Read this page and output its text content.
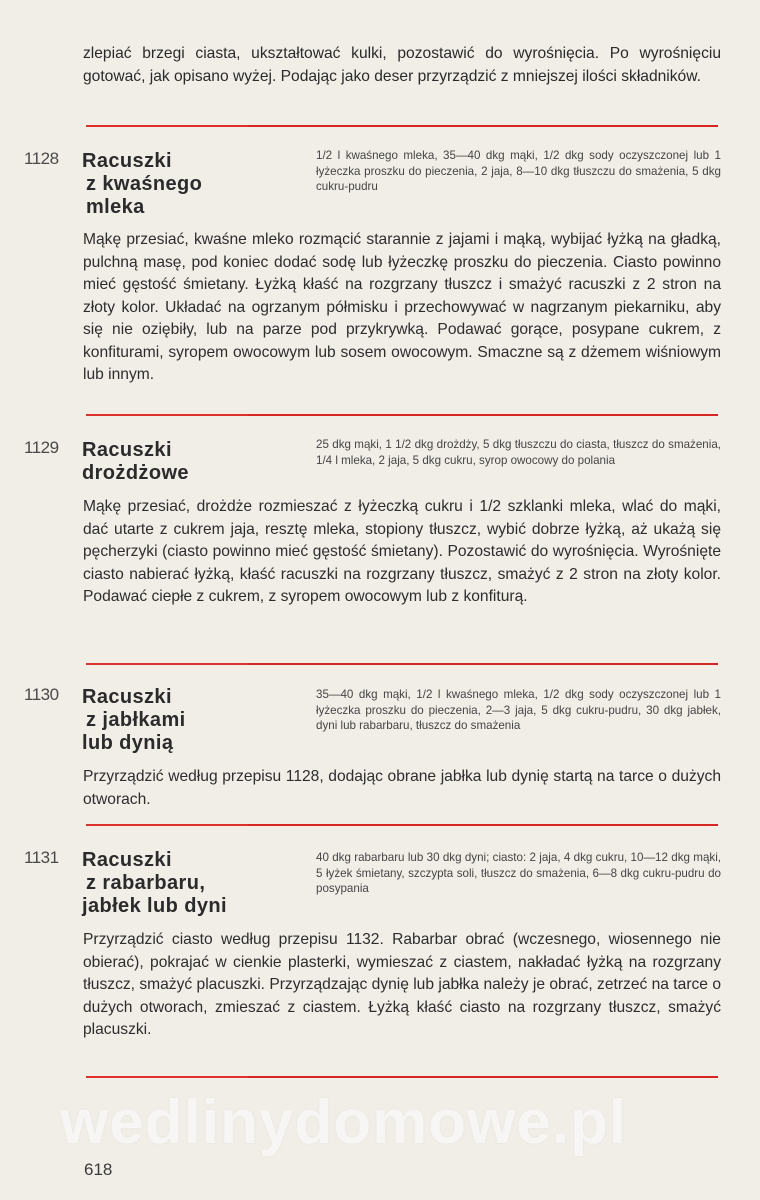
zlepiać brzegi ciasta, ukształtować kulki, pozostawić do wyrośnięcia. Po wyrośnięciu gotować, jak opisano wyżej. Podając jako deser przyrządzić z mniejszej ilości składników.
1128 Racuszki
z kwaśnego
mleka
1/2 l kwaśnego mleka, 35—40 dkg mąki, 1/2 dkg sody oczyszczonej lub 1 łyżeczka proszku do pieczenia, 2 jaja, 8—10 dkg tłuszczu do smażenia, 5 dkg cukru-pudru
Mąkę przesiać, kwaśne mleko rozmącić starannie z jajami i mąką, wybijać łyżką na gładką, pulchną masę, pod koniec dodać sodę lub łyżeczkę proszku do pieczenia. Ciasto powinno mieć gęstość śmietany. Łyżką kłaść na rozgrzany tłuszcz i smażyć racuszki z 2 stron na złoty kolor. Układać na ogrzanym półmisku i przechowywać w nagrzanym piekarniku, aby się nie oziębiły, lub na parze pod przykrywką. Podawać gorące, posypane cukrem, z konfiturami, syropem owocowym lub sosem owocowym. Smaczne są z dżemem wiśniowym lub innym.
1129 Racuszki
drożdżowe
25 dkg mąki, 1 1/2 dkg drożdży, 5 dkg tłuszczu do ciasta, tłuszcz do smażenia, 1/4 l mleka, 2 jaja, 5 dkg cukru, syrop owocowy do polania
Mąkę przesiać, drożdże rozmieszać z łyżeczką cukru i 1/2 szklanki mleka, wlać do mąki, dać utarte z cukrem jaja, resztę mleka, stopiony tłuszcz, wybić dobrze łyżką, aż ukażą się pęcherzyki (ciasto powinno mieć gęstość śmietany). Pozostawić do wyrośnięcia. Wyrośnięte ciasto nabierać łyżką, kłaść racuszki na rozgrzany tłuszcz, smażyć z 2 stron na złoty kolor. Podawać ciepłe z cukrem, z syropem owocowym lub z konfiturą.
1130 Racuszki
z jabłkami
lub dynią
35—40 dkg mąki, 1/2 l kwaśnego mleka, 1/2 dkg sody oczyszczonej lub 1 łyżeczka proszku do pieczenia, 2—3 jaja, 5 dkg cukru-pudru, 30 dkg jabłek, dyni lub rabarbaru, tłuszcz do smażenia
Przyrządzić według przepisu 1128, dodając obrane jabłka lub dynię startą na tarce o dużych otworach.
1131 Racuszki
z rabarbaru,
jabłek lub dyni
40 dkg rabarbaru lub 30 dkg dyni; ciasto: 2 jaja, 4 dkg cukru, 10—12 dkg mąki, 5 łyżek śmietany, szczypta soli, tłuszcz do smażenia, 6—8 dkg cukru-pudru do posypania
Przyrządzić ciasto według przepisu 1132. Rabarbar obrać (wczesnego, wiosennego nie obierać), pokrajać w cienkie plasterki, wymieszać z ciastem, nakładać łyżką na rozgrzany tłuszcz, smażyć placuszki. Przyrządzając dynię lub jabłka należy je obrać, zetrzeć na tarce o dużych otworach, zmieszać z ciastem. Łyżką kłaść ciasto na rozgrzany tłuszcz, smażyć placuszki.
wedlinydomowe.pl
618
